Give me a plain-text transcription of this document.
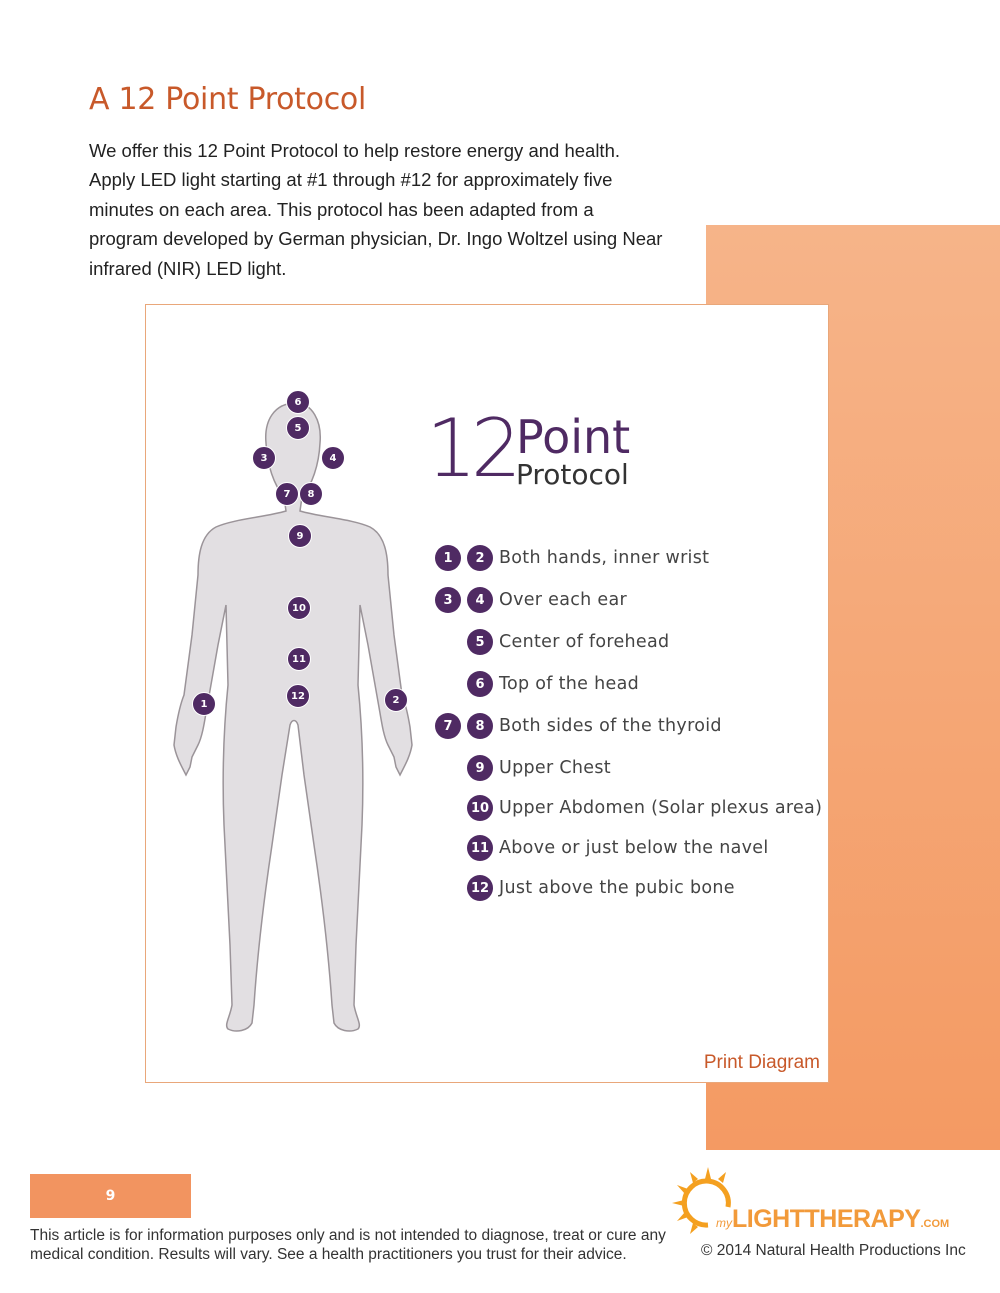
A 12 Point Protocol

We offer this 12 Point Protocol to help restore energy and health.

Apply LED light starting at #1 through #12 for approximately five

minutes on each area. This protocol has been adapted from a

program developed by German physician, Dr. Ingo Woltzel using Near

infrared (NIR) LED light.

1	2
3	4
5
6
7	8
9
10
11
12
12 Point
Protocol
1	2 Both hands, inner wrist
3	4 Over each ear
5 Center of forehead
6 Top of the head
7	8 Both sides of the thyroid
9 Upper Chest
10 Upper Abdomen (Solar plexus area)
11 Above or just below the navel
12 Just above the pubic bone
Print Diagram
9
This article is for information purposes only and is not intended to diagnose, treat or cure any medical condition. Results will vary. See a health practitioners you trust for their advice.
myLIGHTTHERAPY.COM
© 2014 Natural Health Productions Inc
